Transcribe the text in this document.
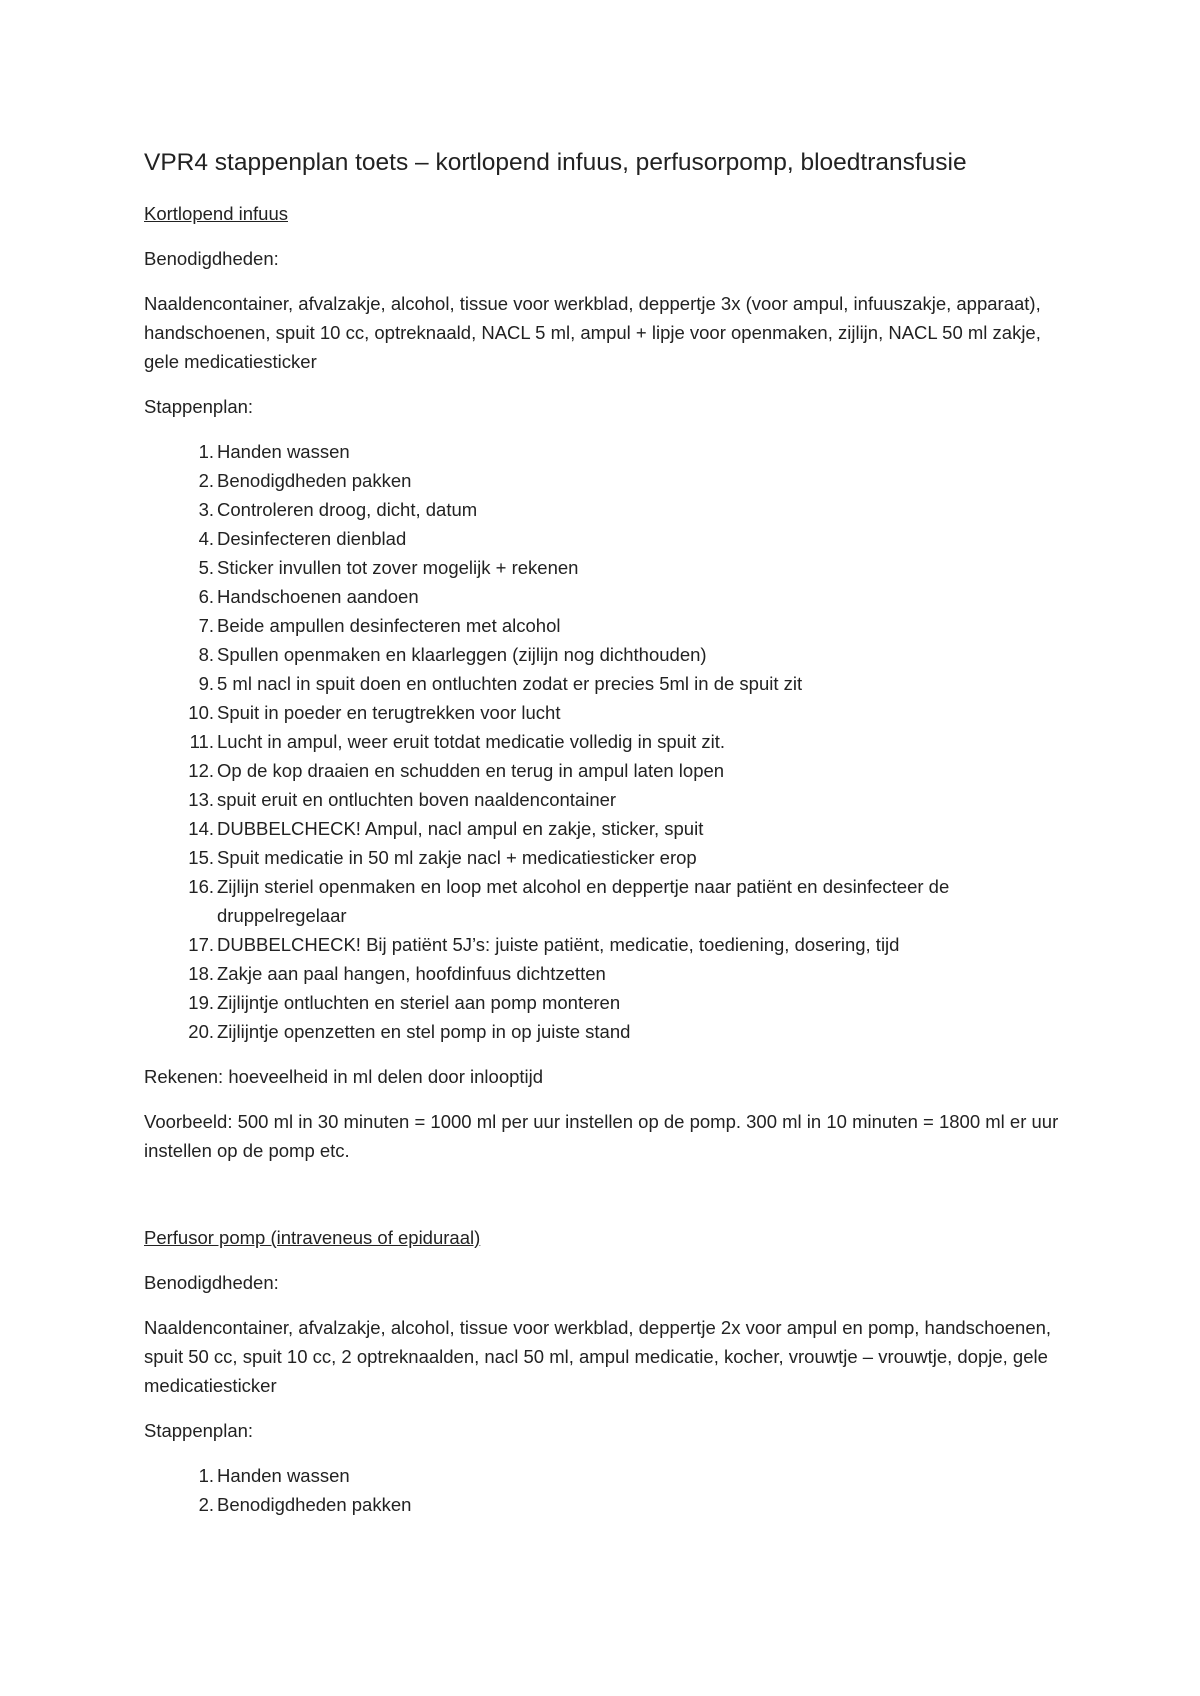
VPR4 stappenplan toets – kortlopend infuus, perfusorpomp, bloedtransfusie

Kortlopend infuus

Benodigdheden:

Naaldencontainer, afvalzakje, alcohol, tissue voor werkblad, deppertje 3x (voor ampul, infuuszakje, apparaat), handschoenen, spuit 10 cc, optreknaald, NACL 5 ml, ampul + lipje voor openmaken, zijlijn, NACL 50 ml zakje, gele medicatiesticker

Stappenplan:

1. Handen wassen
2. Benodigdheden pakken
3. Controleren droog, dicht, datum
4. Desinfecteren dienblad
5. Sticker invullen tot zover mogelijk + rekenen
6. Handschoenen aandoen
7. Beide ampullen desinfecteren met alcohol
8. Spullen openmaken en klaarleggen (zijlijn nog dichthouden)
9. 5 ml nacl in spuit doen en ontluchten zodat er precies 5ml in de spuit zit
10. Spuit in poeder en terugtrekken voor lucht
11. Lucht in ampul, weer eruit totdat medicatie volledig in spuit zit.
12. Op de kop draaien en schudden en terug in ampul laten lopen
13. spuit eruit en ontluchten boven naaldencontainer
14. DUBBELCHECK! Ampul, nacl ampul en zakje, sticker, spuit
15. Spuit medicatie in 50 ml zakje nacl + medicatiesticker erop
16. Zijlijn steriel openmaken en loop met alcohol en deppertje naar patiënt en desinfecteer de druppelregelaar
17. DUBBELCHECK! Bij patiënt 5J’s: juiste patiënt, medicatie, toediening, dosering, tijd
18. Zakje aan paal hangen, hoofdinfuus dichtzetten
19. Zijlijntje ontluchten en steriel aan pomp monteren
20. Zijlijntje openzetten en stel pomp in op juiste stand

Rekenen: hoeveelheid in ml delen door inlooptijd

Voorbeeld: 500 ml in 30 minuten = 1000 ml per uur instellen op de pomp. 300 ml in 10 minuten = 1800 ml er uur instellen op de pomp etc.

Perfusor pomp (intraveneus of epiduraal)

Benodigdheden:

Naaldencontainer, afvalzakje, alcohol, tissue voor werkblad, deppertje 2x voor ampul en pomp, handschoenen, spuit 50 cc, spuit 10 cc, 2 optreknaalden, nacl 50 ml, ampul medicatie, kocher, vrouwtje – vrouwtje, dopje, gele medicatiesticker

Stappenplan:

1. Handen wassen
2. Benodigdheden pakken
